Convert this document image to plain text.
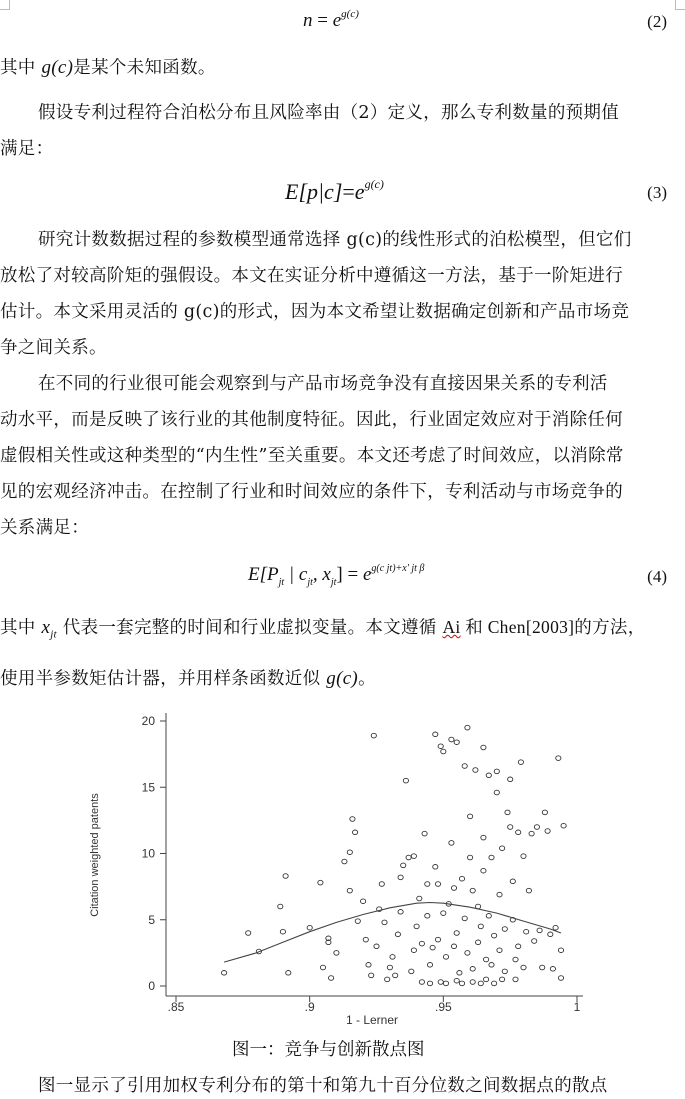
$n = e^{g(c)}$	(2)
其中 g(c)是某个未知函数。
假设专利过程符合泊松分布且风险率由（2）定义，那么专利数量的预期值
满足：
$E[p|c]=e^{g(c)}$	(3)
研究计数数据过程的参数模型通常选择 g(c)的线性形式的泊松模型，但它们
放松了对较高阶矩的强假设。本文在实证分析中遵循这一方法，基于一阶矩进行
估计。本文采用灵活的 g(c)的形式，因为本文希望让数据确定创新和产品市场竞
争之间关系。
在不同的行业很可能会观察到与产品市场竞争没有直接因果关系的专利活
动水平，而是反映了该行业的其他制度特征。因此，行业固定效应对于消除任何
虚假相关性或这种类型的“内生性”至关重要。本文还考虑了时间效应，以消除常
见的宏观经济冲击。在控制了行业和时间效应的条件下，专利活动与市场竞争的
关系满足：
$E[P_{jt}$ | $c_{jt}$, $x_{jt}] = e^{g(c jt)+x' jt \beta}$	(4)
其中 $x_{jt}$ 代表一套完整的时间和行业虚拟变量。本文遵循 Ai 和 Chen[2003]的方法，
使用半参数矩估计器，并用样条函数近似 g(c)。
0
5
10
15
20
.85	.9	.95	1
1 - Lerner
Citation weighted patents
图一：竞争与创新散点图
图一显示了引用加权专利分布的第十和第九十百分位数之间数据点的散点
